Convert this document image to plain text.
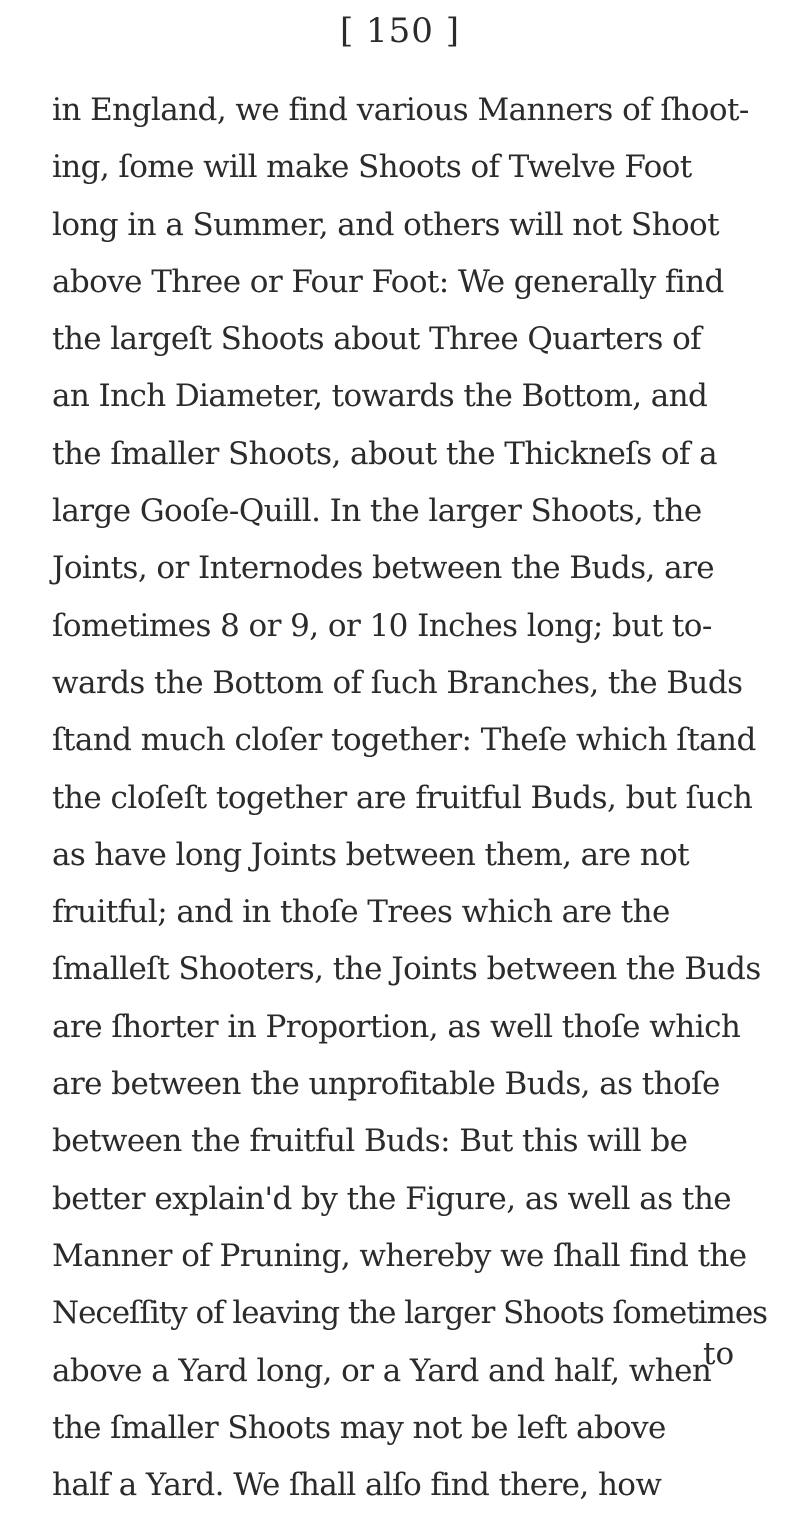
[ 150 ]
in England, we find various Manners of ſhoot-
ing, ſome will make Shoots of Twelve Foot
long in a Summer, and others will not Shoot
above Three or Four Foot: We generally find
the largeſt Shoots about Three Quarters of
an Inch Diameter, towards the Bottom, and
the ſmaller Shoots, about the Thickneſs of a
large Gooſe-Quill. In the larger Shoots, the
Joints, or Internodes between the Buds, are
ſometimes 8 or 9, or 10 Inches long; but to-
wards the Bottom of ſuch Branches, the Buds
ſtand much cloſer together: Theſe which ſtand
the cloſeſt together are fruitful Buds, but ſuch
as have long Joints between them, are not
fruitful; and in thoſe Trees which are the
ſmalleſt Shooters, the Joints between the Buds
are ſhorter in Proportion, as well thoſe which
are between the unprofitable Buds, as thoſe
between the fruitful Buds: But this will be
better explain'd by the Figure, as well as the
Manner of Pruning, whereby we ſhall find the
Neceſſity of leaving the larger Shoots ſometimes
above a Yard long, or a Yard and half, when
the ſmaller Shoots may not be left above
half a Yard. We ſhall alſo find there, how
to
